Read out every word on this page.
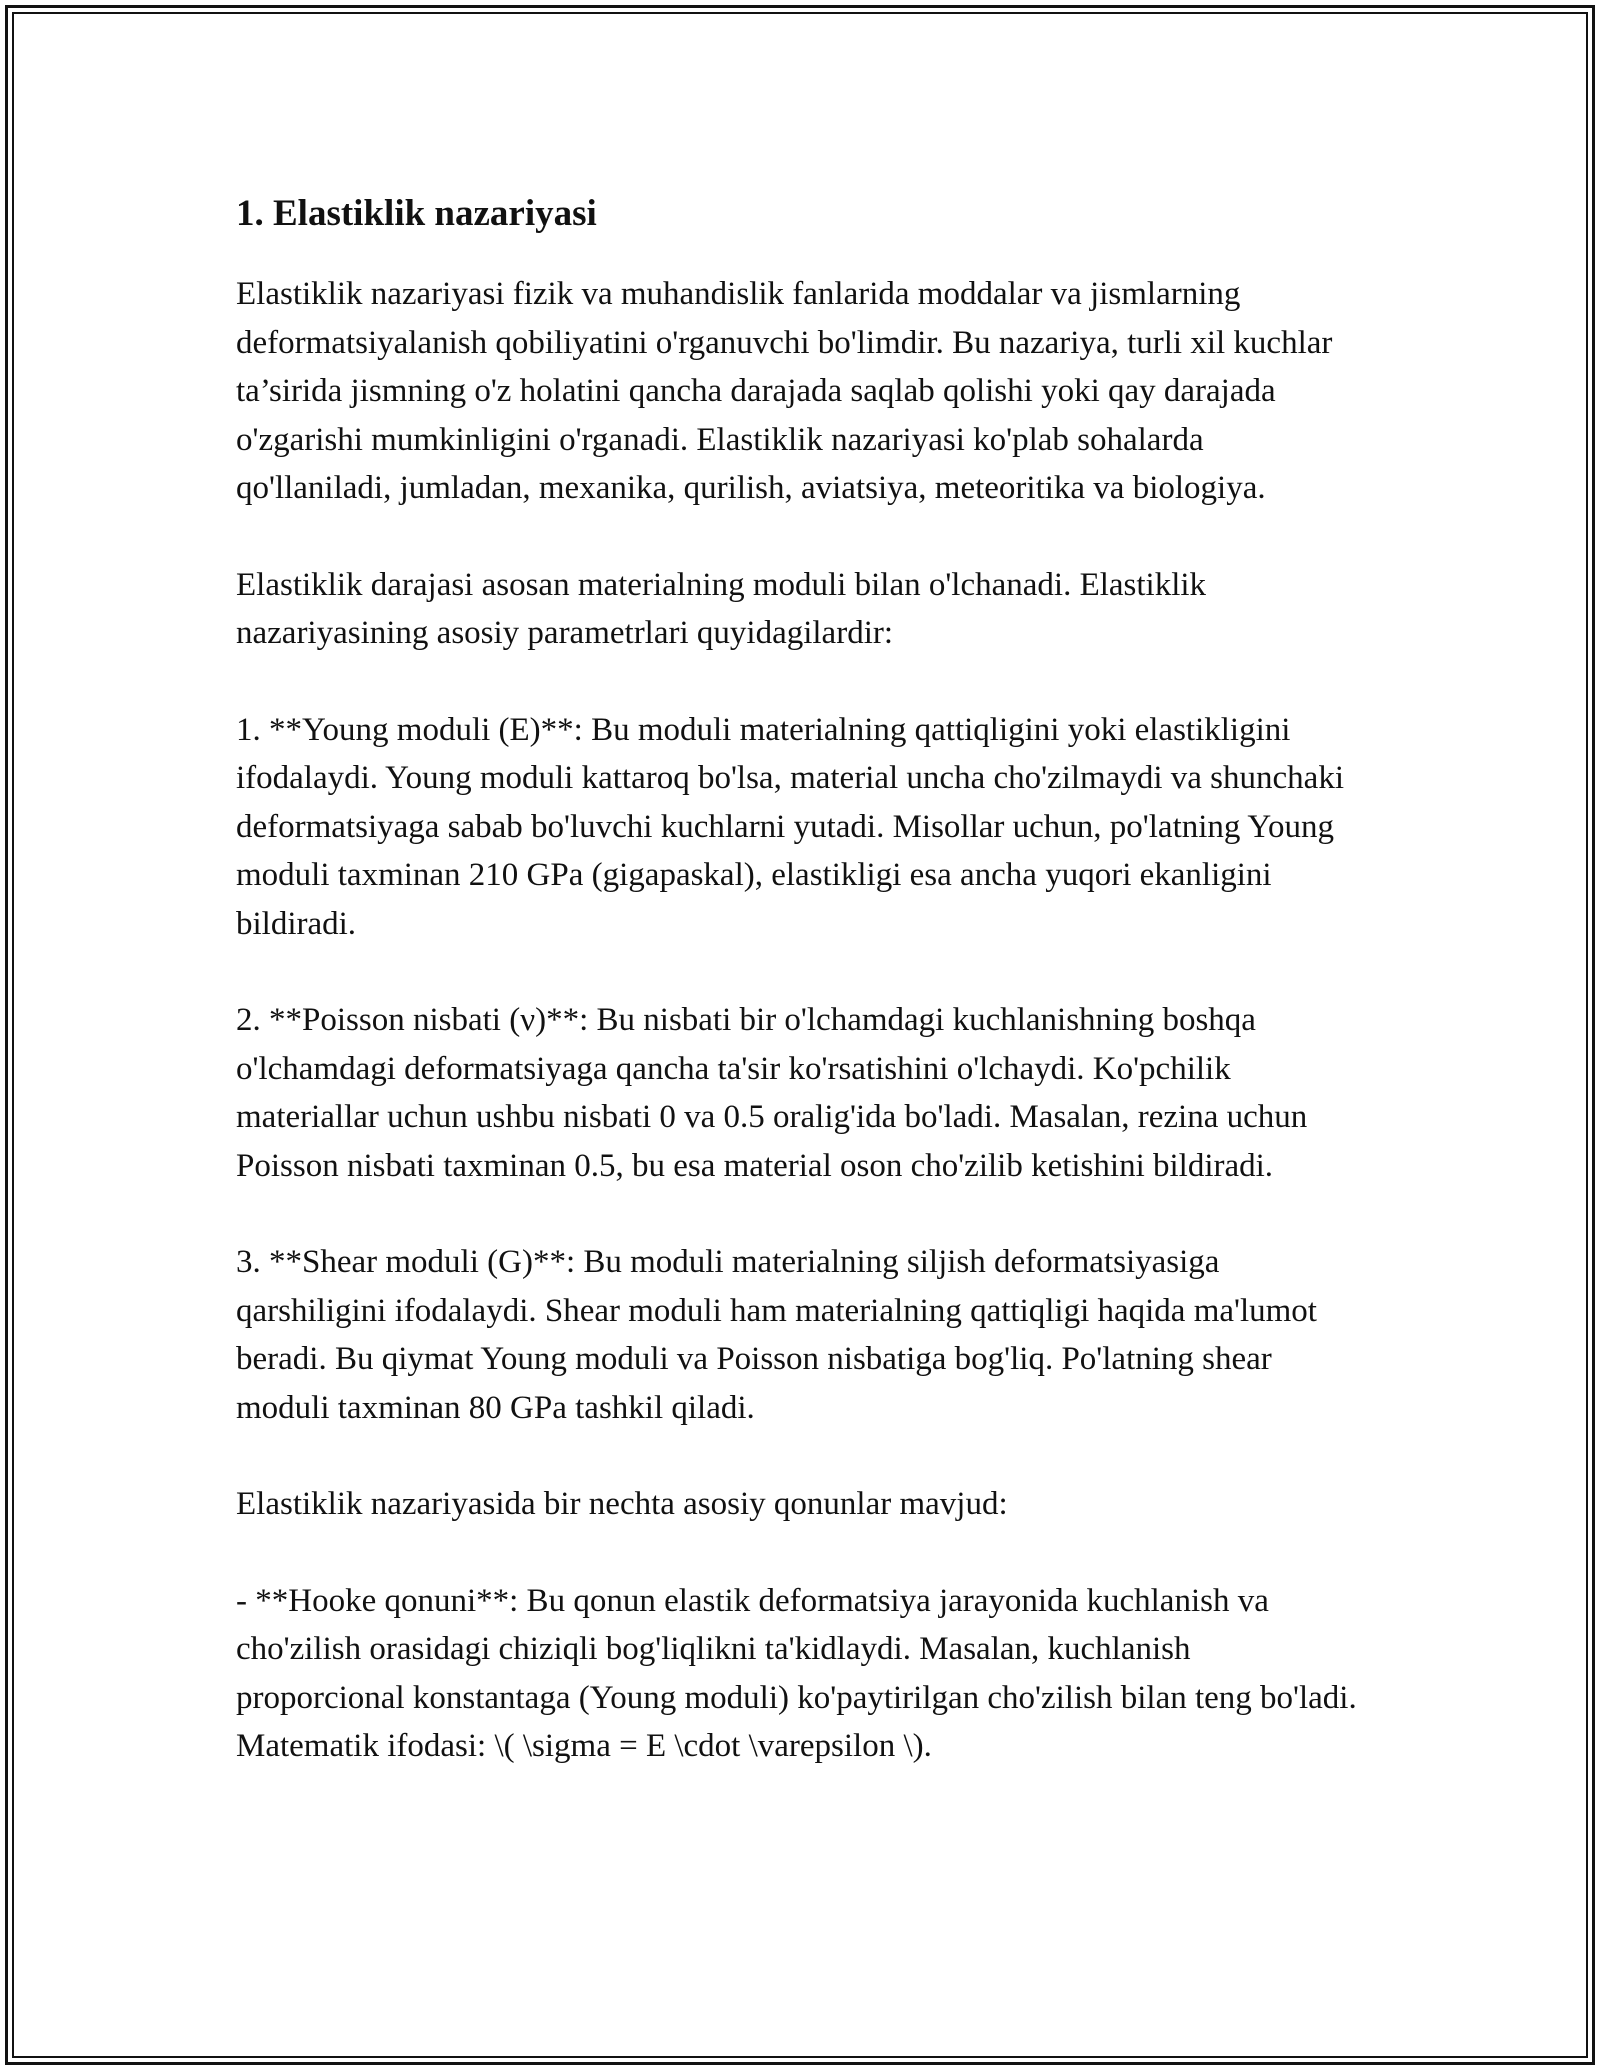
1. Elastiklik nazariyasi

Elastiklik nazariyasi fizik va muhandislik fanlarida moddalar va jismlarning deformatsiyalanish qobiliyatini o'rganuvchi bo'limdir. Bu nazariya, turli xil kuchlar ta’sirida jismning o'z holatini qancha darajada saqlab qolishi yoki qay darajada o'zgarishi mumkinligini o'rganadi. Elastiklik nazariyasi ko'plab sohalarda qo'llaniladi, jumladan, mexanika, qurilish, aviatsiya, meteoritika va biologiya.

Elastiklik darajasi asosan materialning moduli bilan o'lchanadi. Elastiklik nazariyasining asosiy parametrlari quyidagilardir:

1. **Young moduli (E)**: Bu moduli materialning qattiqligini yoki elastikligini ifodalaydi. Young moduli kattaroq bo'lsa, material uncha cho'zilmaydi va shunchaki deformatsiyaga sabab bo'luvchi kuchlarni yutadi. Misollar uchun, po'latning Young moduli taxminan 210 GPa (gigapaskal), elastikligi esa ancha yuqori ekanligini bildiradi.

2. **Poisson nisbati (ν)**: Bu nisbati bir o'lchamdagi kuchlanishning boshqa o'lchamdagi deformatsiyaga qancha ta'sir ko'rsatishini o'lchaydi. Ko'pchilik materiallar uchun ushbu nisbati 0 va 0.5 oralig'ida bo'ladi. Masalan, rezina uchun Poisson nisbati taxminan 0.5, bu esa material oson cho'zilib ketishini bildiradi.

3. **Shear moduli (G)**: Bu moduli materialning siljish deformatsiyasiga qarshiligini ifodalaydi. Shear moduli ham materialning qattiqligi haqida ma'lumot beradi. Bu qiymat Young moduli va Poisson nisbatiga bog'liq. Po'latning shear moduli taxminan 80 GPa tashkil qiladi.

Elastiklik nazariyasida bir nechta asosiy qonunlar mavjud:

- **Hooke qonuni**: Bu qonun elastik deformatsiya jarayonida kuchlanish va cho'zilish orasidagi chiziqli bog'liqlikni ta'kidlaydi. Masalan, kuchlanish proporcional konstantaga (Young moduli) ko'paytirilgan cho'zilish bilan teng bo'ladi. Matematik ifodasi: \( \sigma = E \cdot \varepsilon \).
